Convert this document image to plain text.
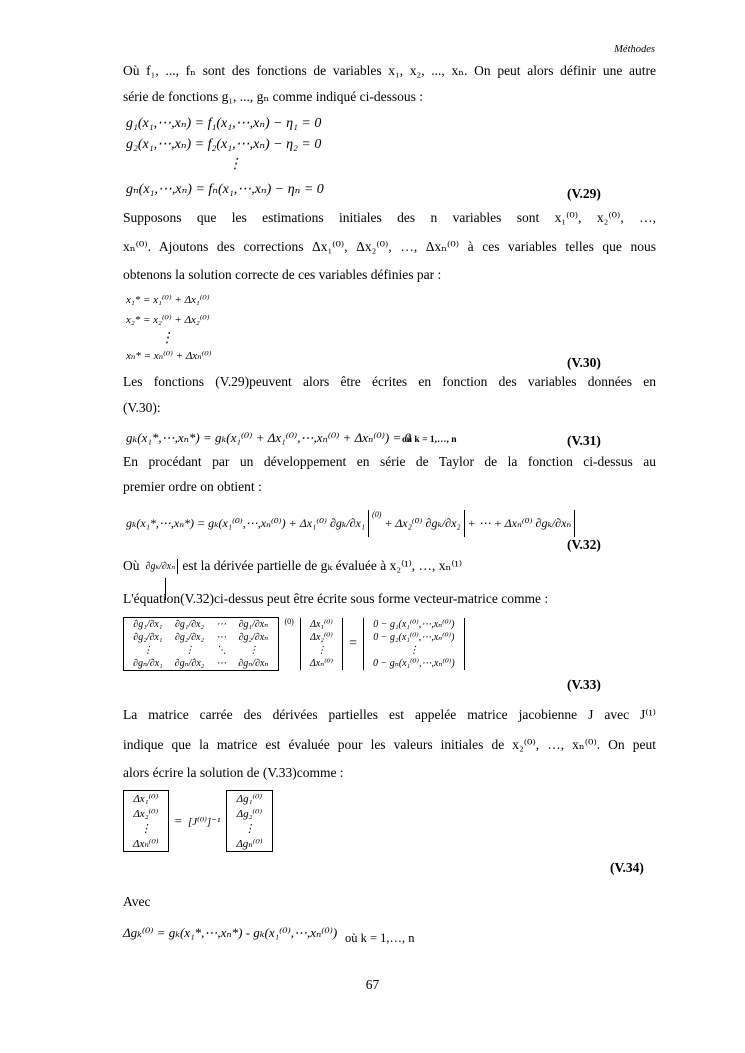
Méthodes
Où f₁, ..., fₙ sont des fonctions de variables x₁, x₂, ..., xₙ. On peut alors définir une autre
série de fonctions g₁, ..., gₙ comme indiqué ci-dessous :
g₁(x₁,⋯,xₙ) = f₁(x₁,⋯,xₙ) − η₁ = 0
g₂(x₁,⋯,xₙ) = f₂(x₁,⋯,xₙ) − η₂ = 0
⋮
gₙ(x₁,⋯,xₙ) = fₙ(x₁,⋯,xₙ) − ηₙ = 0	(V.29)
Supposons que les estimations initiales des n variables sont x₁⁽⁰⁾, x₂⁽⁰⁾, …,
xₙ⁽⁰⁾. Ajoutons des corrections Δx₁⁽⁰⁾, Δx₂⁽⁰⁾, …, Δxₙ⁽⁰⁾ à ces variables telles que nous
obtenons la solution correcte de ces variables définies par :
x₁* = x₁⁽⁰⁾ + Δx₁⁽⁰⁾
x₂* = x₂⁽⁰⁾ + Δx₂⁽⁰⁾
⋮
xₙ* = xₙ⁽⁰⁾ + Δxₙ⁽⁰⁾	(V.30)
Les fonctions (V.29)peuvent alors être écrites en fonction des variables données en
(V.30):
gₖ(x₁*,⋯,xₙ*) = gₖ(x₁⁽⁰⁾ + Δx₁⁽⁰⁾,⋯,xₙ⁽⁰⁾ + Δxₙ⁽⁰⁾) = 0
où k = 1,…, n	(V.31)
En procédant par un développement en série de Taylor de la fonction ci-dessus au
premier ordre on obtient :
gₖ(x₁*,⋯,xₙ*) = gₖ(x₁⁽⁰⁾,⋯,xₙ⁽⁰⁾) + Δx₁⁽⁰⁾ ∂gₖ/∂x₁
(0)
+ Δx₂⁽⁰⁾ ∂gₖ/∂x₂ + ⋯ + Δxₙ⁽⁰⁾ ∂gₖ/∂xₙ
(V.32)
Où ∂gₖ/∂xₙ est la dérivée partielle de gₖ évaluée à x₂⁽¹⁾, …, xₙ⁽¹⁾
L'équation(V.32)ci-dessus peut être écrite sous forme vecteur-matrice comme :
∂g₁/∂x₁	∂g₁/∂x₂	⋯	∂g₁/∂xₙ
∂g₂/∂x₁	∂g₂/∂x₂	⋯	∂g₂/∂xₙ
⋮	⋮	⋱	⋮
∂gₙ/∂x₁	∂gₙ/∂x₂	⋯	∂gₙ/∂xₙ
(0) Δx₁⁽⁰⁾
Δx₂⁽⁰⁾
⋮
Δxₙ⁽⁰⁾
=
0 − g₁(x₁⁽⁰⁾,⋯,xₙ⁽⁰⁾)
0 − g₂(x₁⁽⁰⁾,⋯,xₙ⁽⁰⁾)
⋮
0 − gₙ(x₁⁽⁰⁾,⋯,xₙ⁽⁰⁾)
(V.33)
La matrice carrée des dérivées partielles est appelée matrice jacobienne J avec J⁽¹⁾
indique que la matrice est évaluée pour les valeurs initiales de x₂⁽⁰⁾, …, xₙ⁽⁰⁾. On peut
alors écrire la solution de (V.33)comme :
Δx₁⁽⁰⁾
Δx₂⁽⁰⁾
⋮
Δxₙ⁽⁰⁾
= [J⁽⁰⁾]⁻¹
Δg₁⁽⁰⁾
Δg₂⁽⁰⁾
⋮
Δgₙ⁽⁰⁾
(V.34)
Avec
Δgₖ⁽⁰⁾ = gₖ(x₁*,⋯,xₙ*) - gₖ(x₁⁽⁰⁾,⋯,xₙ⁽⁰⁾) où k = 1,…, n
67
